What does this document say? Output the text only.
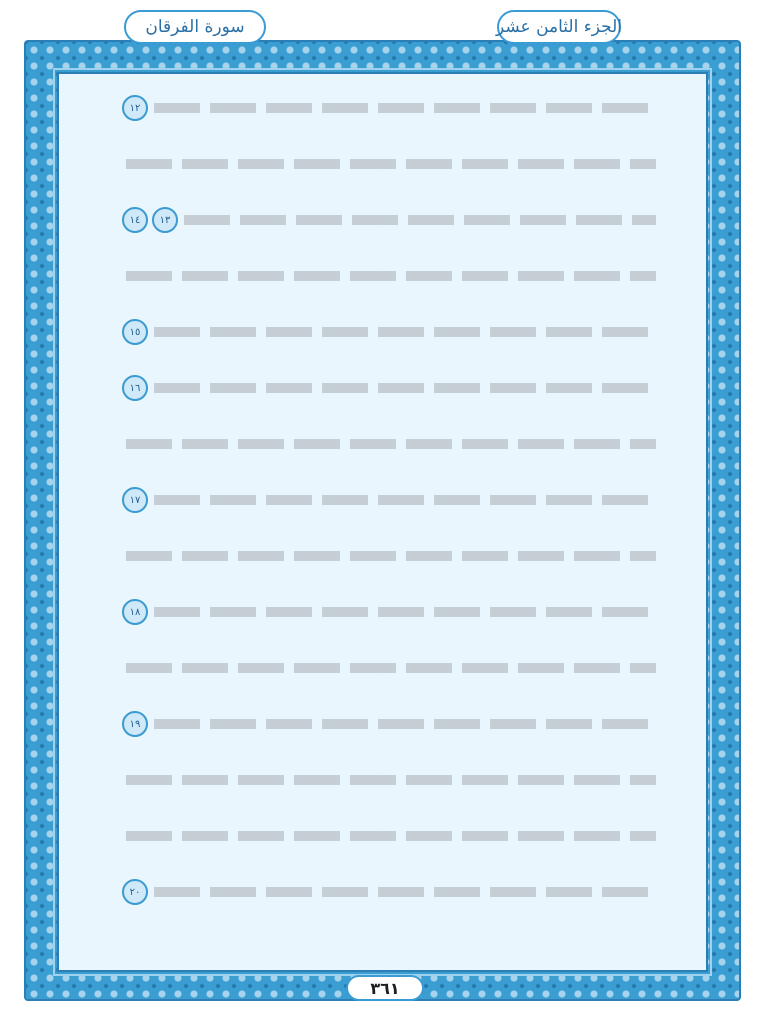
الجزء الثامن عشر
سورة الفرقان
١٢
١٣
١٤
١٥
١٦
١٧
١٨
١٩
٢٠
٣٦١
